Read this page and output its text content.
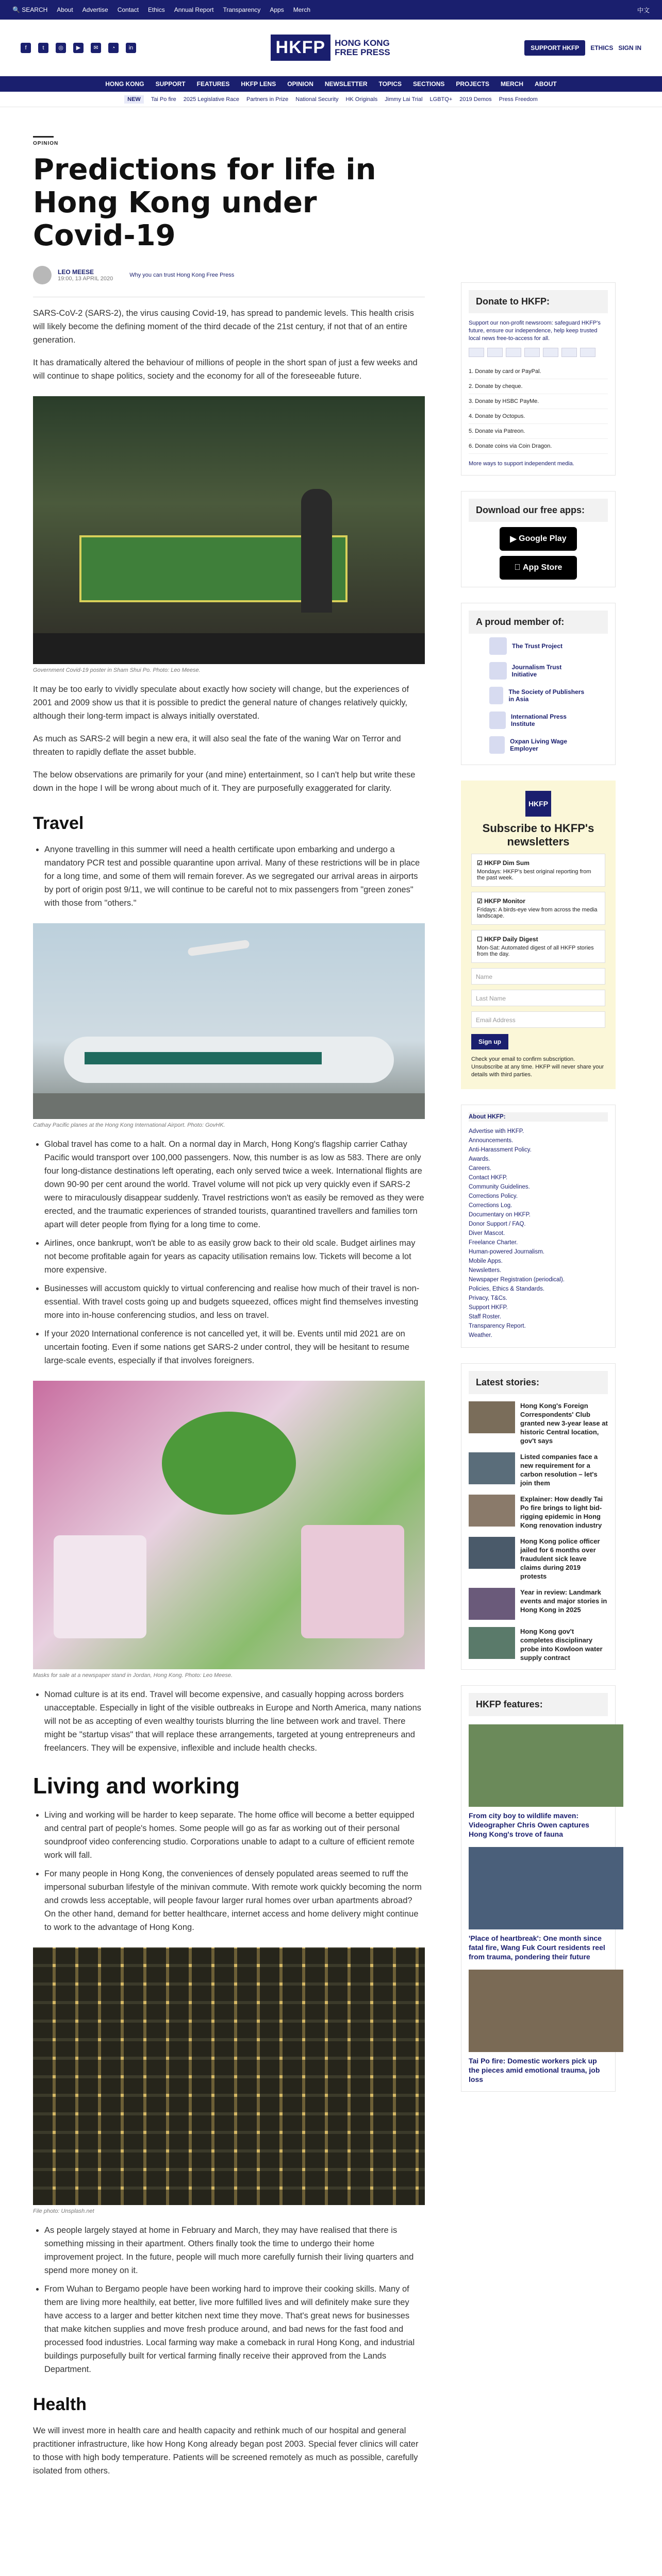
🔍 SEARCH About Advertise Contact Ethics Annual Report Transparency Apps Merch	中文
f	t	◎	▶	✉	◔	in	HKFP	HONG KONG
FREE PRESS	SUPPORT HKFP	ETHICS SIGN IN
HONG KONG SUPPORT FEATURES HKFP LENS OPINION NEWSLETTER TOPICS SECTIONS PROJECTS MERCH ABOUT
NEW	Tai Po fire 2025 Legislative Race Partners in Prize National Security HK Originals Jimmy Lai Trial LGBTQ+ 2019 Demos Press Freedom
OPINION
Predictions for life in Hong Kong under Covid-19
LEO MEESE
19:00, 13 APRIL 2020
Why you can trust Hong Kong Free Press

SARS-CoV-2 (SARS-2), the virus causing Covid-19, has spread to pandemic levels. This health crisis will likely become the defining moment of the third decade of the 21st century, if not that of an entire generation.

It has dramatically altered the behaviour of millions of people in the short span of just a few weeks and will continue to shape politics, society and the economy for all of the foreseeable future.

Government Covid-19 poster in Sham Shui Po. Photo: Leo Meese.

It may be too early to vividly speculate about exactly how society will change, but the experiences of 2001 and 2009 show us that it is possible to predict the general nature of changes relatively quickly, although their long-term impact is always initially overstated.

As much as SARS-2 will begin a new era, it will also seal the fate of the waning War on Terror and threaten to rapidly deflate the asset bubble.

The below observations are primarily for your (and mine) entertainment, so I can't help but write these down in the hope I will be wrong about much of it. They are purposefully exaggerated for clarity.

Travel
• Anyone travelling in this summer will need a health certificate upon embarking and undergo a mandatory PCR test and possible quarantine upon arrival. Many of these restrictions will be in place for a long time, and some of them will remain forever. As we segregated our arrival areas in airports by port of origin post 9/11, we will continue to be careful not to mix passengers from "green zones" with those from "others."
Cathay Pacific planes at the Hong Kong International Airport. Photo: GovHK.
• Global travel has come to a halt. On a normal day in March, Hong Kong's flagship carrier Cathay Pacific would transport over 100,000 passengers. Now, this number is as low as 583. There are only four long-distance destinations left operating, each only served twice a week. International flights are down 90-90 per cent around the world. Travel volume will not pick up very quickly even if SARS-2 were to miraculously disappear suddenly. Travel restrictions won't as easily be removed as they were erected, and the traumatic experiences of stranded tourists, quarantined travellers and families torn apart will deter people from flying for a long time to come.
• Airlines, once bankrupt, won't be able to as easily grow back to their old scale. Budget airlines may not become profitable again for years as capacity utilisation remains low. Tickets will become a lot more expensive.
• Businesses will accustom quickly to virtual conferencing and realise how much of their travel is non-essential. With travel costs going up and budgets squeezed, offices might find themselves investing more into in-house conferencing studios, and less on travel.
• If your 2020 International conference is not cancelled yet, it will be. Events until mid 2021 are on uncertain footing. Even if some nations get SARS-2 under control, they will be hesitant to resume large-scale events, especially if that involves foreigners.
Masks for sale at a newspaper stand in Jordan, Hong Kong. Photo: Leo Meese.
• Nomad culture is at its end. Travel will become expensive, and casually hopping across borders unacceptable. Especially in light of the visible outbreaks in Europe and North America, many nations will not be as accepting of even wealthy tourists blurring the line between work and travel. There might be "startup visas" that will replace these arrangements, targeted at young entrepreneurs and freelancers. They will be expensive, inflexible and include health checks.
Living and working
• Living and working will be harder to keep separate. The home office will become a better equipped and central part of people's homes. Some people will go as far as working out of their personal soundproof video conferencing studio. Corporations unable to adapt to a culture of efficient remote work will fall.
• For many people in Hong Kong, the conveniences of densely populated areas seemed to ruff the impersonal suburban lifestyle of the minivan commute. With remote work quickly becoming the norm and crowds less acceptable, will people favour larger rural homes over urban apartments abroad? On the other hand, demand for better healthcare, internet access and home delivery might continue to work to the advantage of Hong Kong.
File photo: Unsplash.net
• As people largely stayed at home in February and March, they may have realised that there is something missing in their apartment. Others finally took the time to undergo their home improvement project. In the future, people will much more carefully furnish their living quarters and spend more money on it.
• From Wuhan to Bergamo people have been working hard to improve their cooking skills. Many of them are living more healthily, eat better, live more fulfilled lives and will definitely make sure they have access to a larger and better kitchen next time they move. That's great news for businesses that make kitchen supplies and move fresh produce around, and bad news for the fast food and processed food industries. Local farming way make a comeback in rural Hong Kong, and industrial buildings purposefully built for vertical farming finally receive their approved from the Lands Department.
Health

We will invest more in health care and health capacity and rethink much of our hospital and general practitioner infrastructure, like how Hong Kong already began post 2003. Special fever clinics will cater to those with high body temperature. Patients will be screened remotely as much as possible, carefully isolated from others.

Donate to HKFP:
Support our non-profit newsroom: safeguard HKFP's future, ensure our independence, help keep trusted local news free-to-access for all.
1. Donate by card or PayPal.
2. Donate by cheque.
3. Donate by HSBC PayMe.
4. Donate by Octopus.
5. Donate via Patreon.
6. Donate coins via Coin Dragon.
More ways to support independent media.
Download our free apps:
▶ Google Play
App Store
A proud member of:
The Trust Project
Journalism Trust Initiative
The Society of Publishers in Asia
International Press Institute
Oxpan Living Wage Employer
HKFP
Subscribe to HKFP's newsletters
☑ HKFP Dim Sum
Mondays: HKFP's best original reporting from the past week.
☑ HKFP Monitor
Fridays: A birds-eye view from across the media landscape.
☐ HKFP Daily Digest
Mon-Sat: Automated digest of all HKFP stories from the day.
Name
Last Name
Email Address
Sign up
Check your email to confirm subscription. Unsubscribe at any time. HKFP will never share your details with third parties.
About HKFP:
Advertise with HKFP.
Announcements.
Anti-Harassment Policy.
Awards.
Careers.
Contact HKFP.
Community Guidelines.
Corrections Policy.
Corrections Log.
Documentary on HKFP.
Donor Support / FAQ.
Diver Mascot.
Freelance Charter.
Human-powered Journalism.
Mobile Apps.
Newsletters.
Newspaper Registration (periodical).
Policies, Ethics & Standards.
Privacy, T&Cs.
Support HKFP.
Staff Roster.
Transparency Report.
Weather.
Latest stories:
Hong Kong's Foreign Correspondents' Club granted new 3-year lease at historic Central location, gov't says
Listed companies face a new requirement for a carbon resolution – let's join them
Explainer: How deadly Tai Po fire brings to light bid-rigging epidemic in Hong Kong renovation industry
Hong Kong police officer jailed for 6 months over fraudulent sick leave claims during 2019 protests
Year in review: Landmark events and major stories in Hong Kong in 2025
Hong Kong gov't completes disciplinary probe into Kowloon water supply contract
HKFP features:
From city boy to wildlife maven: Videographer Chris Owen captures Hong Kong's trove of fauna
'Place of heartbreak': One month since fatal fire, Wang Fuk Court residents reel from trauma, pondering their future
Tai Po fire: Domestic workers pick up the pieces amid emotional trauma, job loss
